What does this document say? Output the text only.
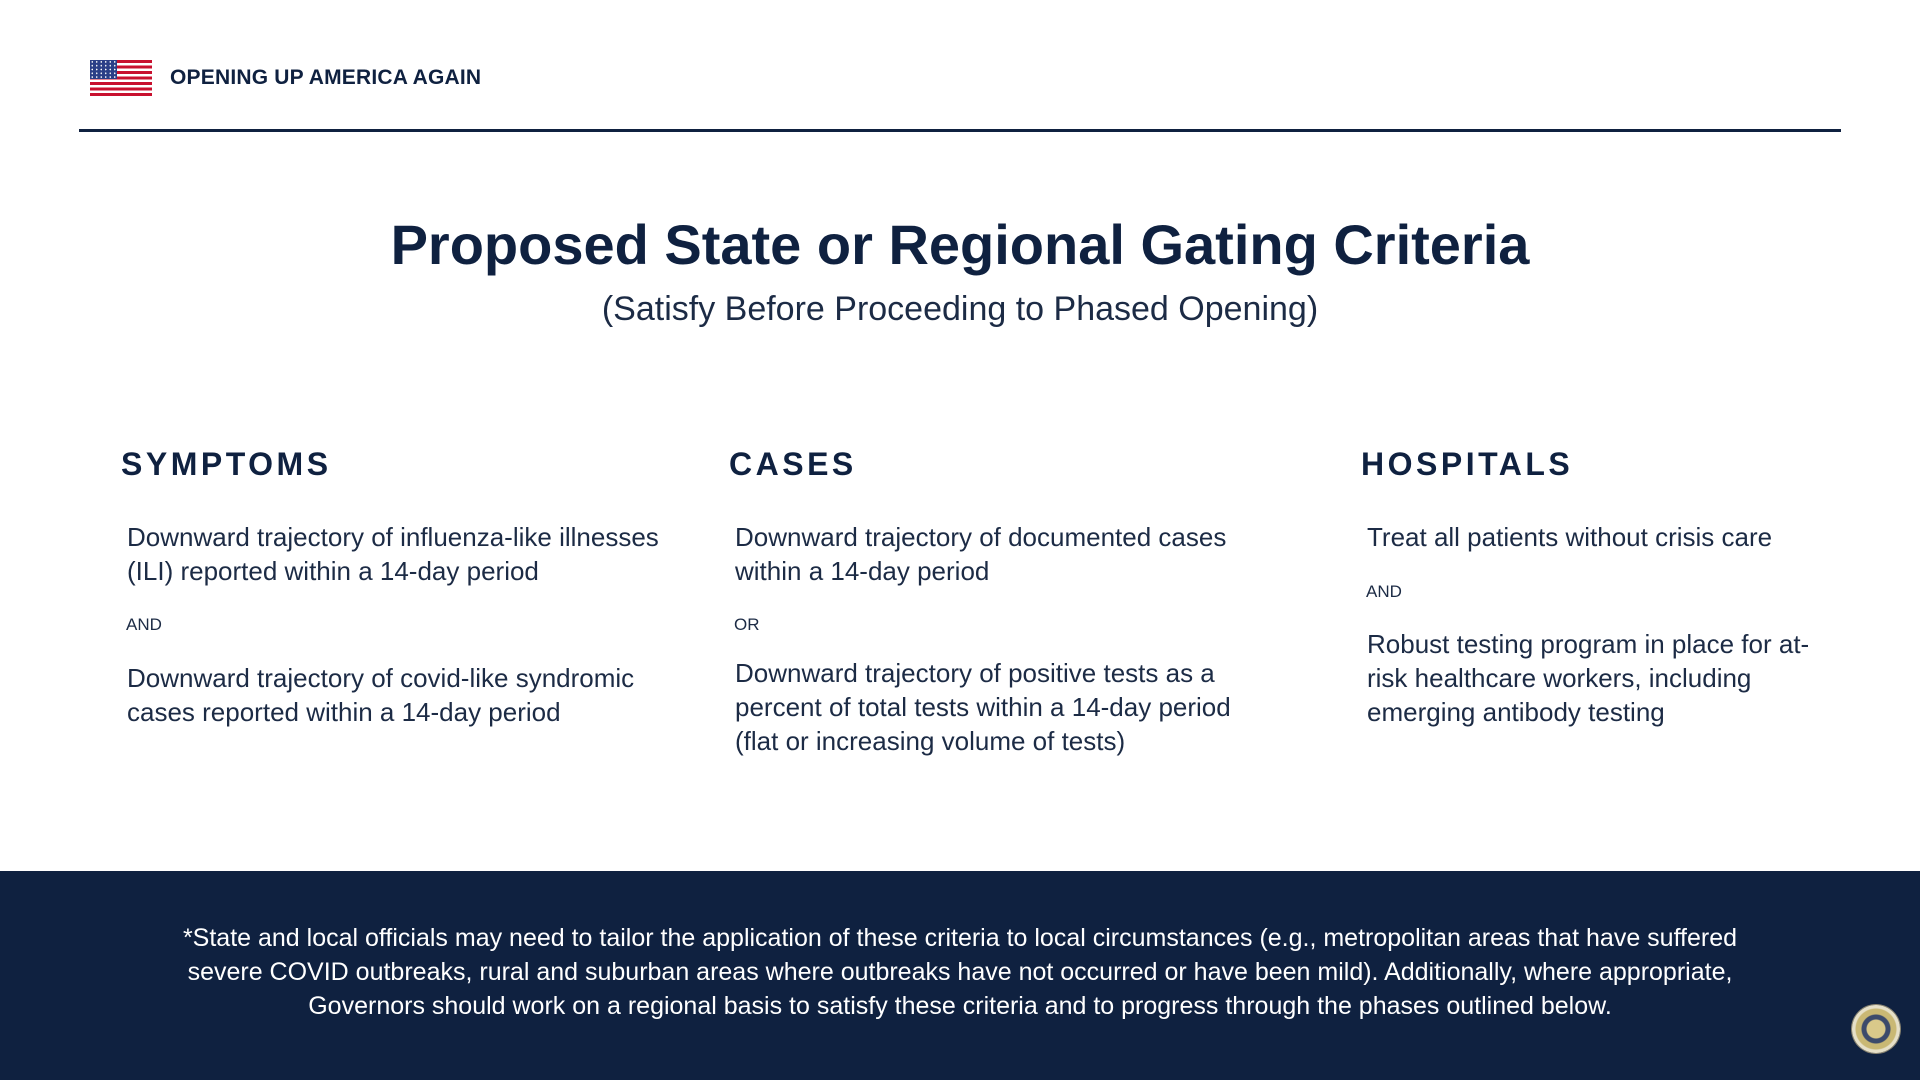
OPENING UP AMERICA AGAIN
Proposed State or Regional Gating Criteria
(Satisfy Before Proceeding to Phased Opening)
SYMPTOMS
Downward trajectory of influenza-like illnesses (ILI) reported within a 14-day period
AND
Downward trajectory of covid-like syndromic cases reported within a 14-day period
CASES
Downward trajectory of documented cases within a 14-day period
OR
Downward trajectory of positive tests as a percent of total tests within a 14-day period (flat or increasing volume of tests)
HOSPITALS
Treat all patients without crisis care
AND
Robust testing program in place for at-risk healthcare workers, including emerging antibody testing
*State and local officials may need to tailor the application of these criteria to local circumstances (e.g., metropolitan areas that have suffered severe COVID outbreaks, rural and suburban areas where outbreaks have not occurred or have been mild). Additionally, where appropriate, Governors should work on a regional basis to satisfy these criteria and to progress through the phases outlined below.
